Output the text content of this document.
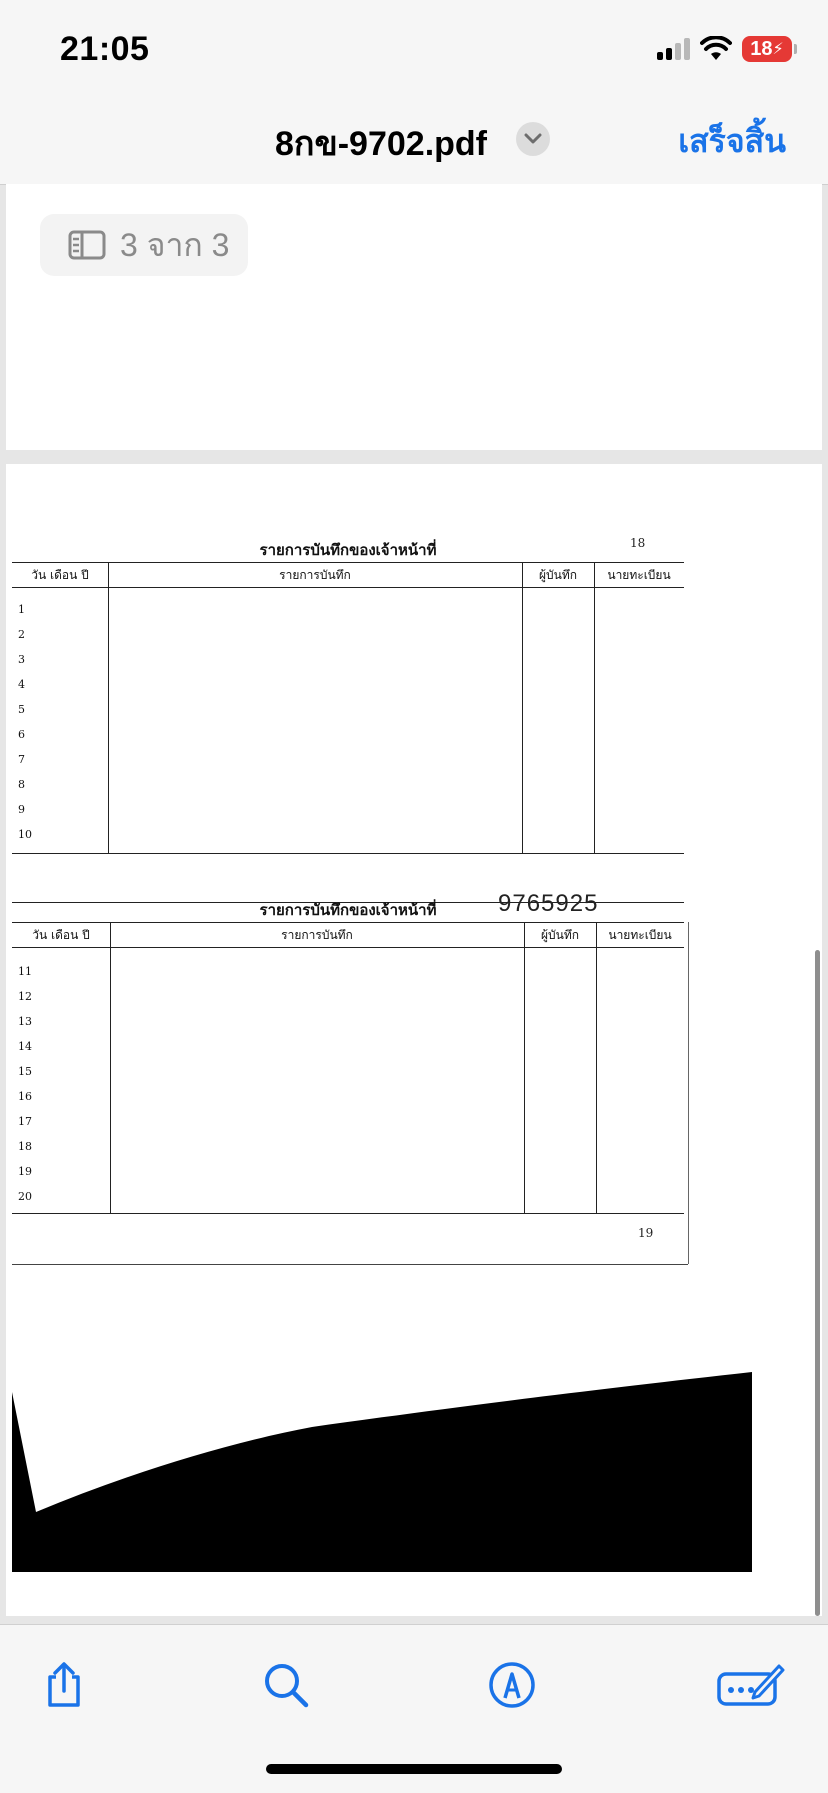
21:05	18 ⚡
8กข-9702.pdf	เสร็จสิ้น
3 จาก 3
รายการบันทึกของเจ้าหน้าที่	18
วัน เดือน ปี	รายการบันทึก	ผู้บันทึก	นายทะเบียน
1
2
3
4
5
6
7
8
9
10
9765925
รายการบันทึกของเจ้าหน้าที่
วัน เดือน ปี	รายการบันทึก	ผู้บันทึก	นายทะเบียน
11
12
13
14
15
16
17
18
19
20
19
